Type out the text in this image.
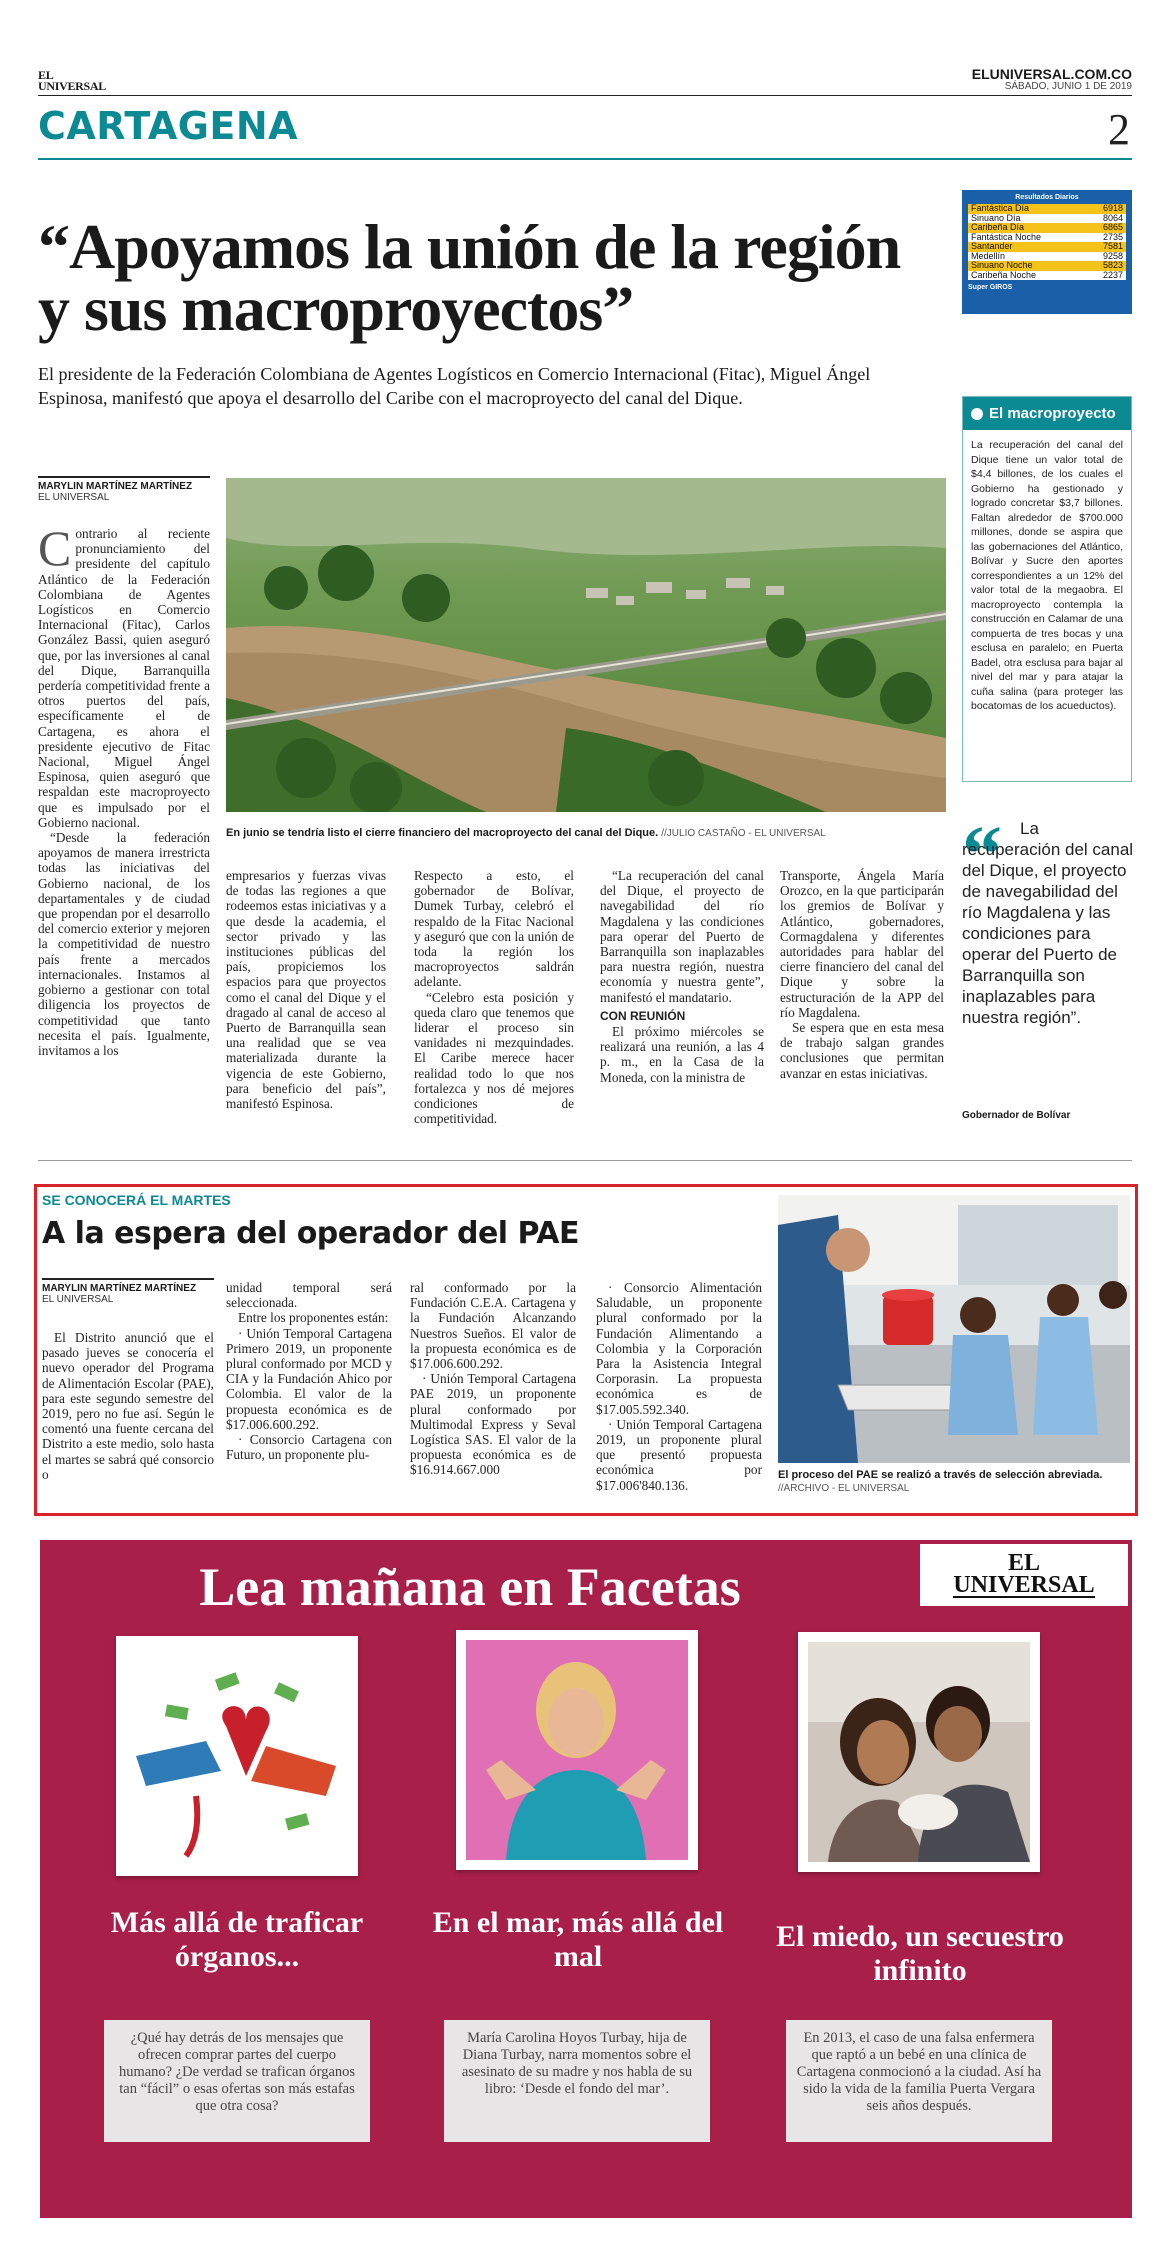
EL
UNIVERSAL
ELUNIVERSAL.COM.CO
SÁBADO, JUNIO 1 DE 2019
CARTAGENA	2
“Apoyamos la unión de la región y sus macroproyectos”
El presidente de la Federación Colombiana de Agentes Logísticos en Comercio Internacional (Fitac), Miguel Ángel Espinosa, manifestó que apoya el desarrollo del Caribe con el macroproyecto del canal del Dique.
Resultados Diarios
Fantástica Día	6918
Sinuano Día	8064
Caribeña Día	6865
Fantástica Noche	2735
Santander	7581
Medellín	9258
Sinuano Noche	5823
Caribeña Noche	2237
Super GIROS
MARYLIN MARTÍNEZ MARTÍNEZ
EL UNIVERSAL
C ontrario al reciente pronunciamiento del presidente del capítulo Atlántico de la Federación Colombiana de Agentes Logísticos en Comercio Internacional (Fitac), Carlos González Bassi, quien aseguró que, por las inversiones al canal del Dique, Barranquilla perdería competitividad frente a otros puertos del país, específicamente el de Cartagena, es ahora el presidente ejecutivo de Fitac Nacional, Miguel Ángel Espinosa, quien aseguró que respaldan este macroproyecto que es impulsado por el Gobierno nacional.

“Desde la federación apoyamos de manera irrestricta todas las iniciativas del Gobierno nacional, de los departamentales y de ciudad que propendan por el desarrollo del comercio exterior y mejoren la competitividad de nuestro país frente a mercados internacionales. Instamos al gobierno a gestionar con total diligencia los proyectos de competitividad que tanto necesita el país. Igualmente, invitamos a los

En junio se tendría listo el cierre financiero del macroproyecto del canal del Dique. //JULIO CASTAÑO - EL UNIVERSAL
empresarios y fuerzas vivas de todas las regiones a que rodeemos estas iniciativas y a que desde la academia, el sector privado y las instituciones públicas del país, propiciemos los espacios para que proyectos como el canal del Dique y el dragado al canal de acceso al Puerto de Barranquilla sean una realidad que se vea materializada durante la vigencia de este Gobierno, para beneficio del país”, manifestó Espinosa.
Respecto a esto, el gobernador de Bolívar, Dumek Turbay, celebró el respaldo de la Fitac Nacional y aseguró que con la unión de toda la región los macroproyectos saldrán adelante.

“Celebro esta posición y queda claro que tenemos que liderar el proceso sin vanidades ni mezquindades. El Caribe merece hacer realidad todo lo que nos fortalezca y nos dé mejores condiciones de competitividad.

“La recuperación del canal del Dique, el proyecto de navegabilidad del río Magdalena y las condiciones para operar del Puerto de Barranquilla son inaplazables para nuestra región, nuestra economía y nuestra gente”, manifestó el mandatario.

CON REUNIÓN

El próximo miércoles se realizará una reunión, a las 4 p. m., en la Casa de la Moneda, con la ministra de

Transporte, Ángela María Orozco, en la que participarán los gremios de Bolívar y Atlántico, gobernadores, Cormagdalena y diferentes autoridades para hablar del cierre financiero del canal del Dique y sobre la estructuración de la APP del río Magdalena.

Se espera que en esta mesa de trabajo salgan grandes conclusiones que permitan avanzar en estas iniciativas.

El macroproyecto
La recuperación del canal del Dique tiene un valor total de $4,4 billones, de los cuales el Gobierno ha gestionado y logrado concretar $3,7 billones. Faltan alrededor de $700.000 millones, donde se aspira que las gobernaciones del Atlántico, Bolívar y Sucre den aportes correspondientes a un 12% del valor total de la megaobra. El macroproyecto contempla la construcción en Calamar de una compuerta de tres bocas y una esclusa en paralelo; en Puerta Badel, otra esclusa para bajar al nivel del mar y para atajar la cuña salina (para proteger las bocatomas de los acueductos).
“	La recuperación del canal del Dique, el proyecto de navegabilidad del río Magdalena y las condiciones para operar del Puerto de Barranquilla son inaplazables para nuestra región”.
Gobernador de Bolívar
SE CONOCERÁ EL MARTES
A la espera del operador del PAE
MARYLIN MARTÍNEZ MARTÍNEZ
EL UNIVERSAL

El Distrito anunció que el pasado jueves se conocería el nuevo operador del Programa de Alimentación Escolar (PAE), para este segundo semestre del 2019, pero no fue así. Según le comentó una fuente cercana del Distrito a este medio, solo hasta el martes se sabrá qué consorcio o

unidad temporal será seleccionada.

Entre los proponentes están:

· Unión Temporal Cartagena Primero 2019, un proponente plural conformado por MCD y CIA y la Fundación Ahico por Colombia. El valor de la propuesta económica es de $17.006.600.292.

· Consorcio Cartagena con Futuro, un proponente plu-

ral conformado por la Fundación C.E.A. Cartagena y la Fundación Alcanzando Nuestros Sueños. El valor de la propuesta económica es de $17.006.600.292.

· Unión Temporal Cartagena PAE 2019, un proponente plural conformado por Multimodal Express y Seval Logística SAS. El valor de la propuesta económica es de $16.914.667.000

· Consorcio Alimentación Saludable, un proponente plural conformado por la Fundación Alimentando a Colombia y la Corporación Para la Asistencia Integral Corporasin. La propuesta económica es de $17.005.592.340.

· Unión Temporal Cartagena 2019, un proponente plural que presentó propuesta económica por $17.006'840.136.

El proceso del PAE se realizó a través de selección abreviada.
//ARCHIVO - EL UNIVERSAL
Lea mañana en Facetas	EL
UNIVERSAL
Más allá de traficar órganos...
¿Qué hay detrás de los mensajes que ofrecen comprar partes del cuerpo humano? ¿De verdad se trafican órganos tan “fácil” o esas ofertas son más estafas que otra cosa?
En el mar, más allá del mal
María Carolina Hoyos Turbay, hija de Diana Turbay, narra momentos sobre el asesinato de su madre y nos habla de su libro: ‘Desde el fondo del mar’.
El miedo, un secuestro infinito
En 2013, el caso de una falsa enfermera que raptó a un bebé en una clínica de Cartagena conmocionó a la ciudad. Así ha sido la vida de la familia Puerta Vergara seis años después.
